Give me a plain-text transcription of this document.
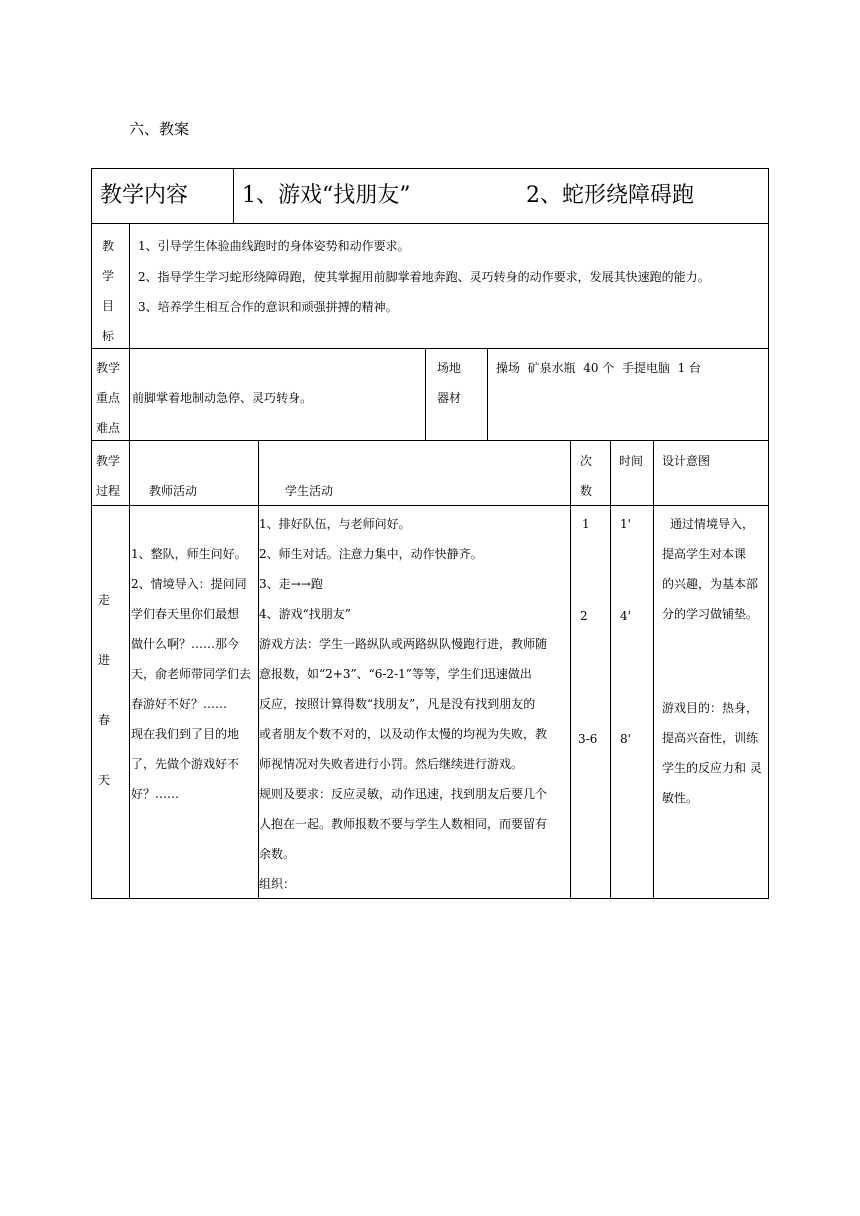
六、教案
教学内容 1、游戏“找朋友”	2、蛇形绕障碍跑
教
学
目
标
1、引导学生体验曲线跑时的身体姿势和动作要求。
2、指导学生学习蛇形绕障碍跑，使其掌握用前脚掌着地奔跑、灵巧转身的动作要求，发展其快速跑的能力。
3、培养学生相互合作的意识和顽强拼搏的精神。
教学
重点
难点
前脚掌着地制动急停、灵巧转身。
场地
器材
操场  矿泉水瓶  40 个  手提电脑  1 台
教学
过程 教师活动	学生活动
次
数
时间 设计意图
走
进
春
天
1、整队，师生问好。
2、情境导入：提问同
学们春天里你们最想
做什么啊？……那今
天，俞老师带同学们去
春游好不好？……
现在我们到了目的地
了，先做个游戏好不
好？……
1、排好队伍，与老师问好。
2、师生对话。注意力集中，动作快静齐。
3、走→→跑
4、游戏“找朋友”
游戏方法：学生一路纵队或两路纵队慢跑行进，教师随
意报数，如“2+3”、“6-2-1”等等，学生们迅速做出
反应，按照计算得数“找朋友”，凡是没有找到朋友的
或者朋友个数不对的，以及动作太慢的均视为失败，教
师视情况对失败者进行小罚。然后继续进行游戏。
规则及要求：反应灵敏，动作迅速，找到朋友后要几个
人抱在一起。教师报数不要与学生人数相同，而要留有
余数。
组织：
1
2
3-6
1'
4'
8'
通过情境导入，
提高学生对本课
的兴趣，为基本部
分的学习做铺垫。
游戏目的：热身，
提高兴奋性，训练
学生的反应力和 灵
敏性。
